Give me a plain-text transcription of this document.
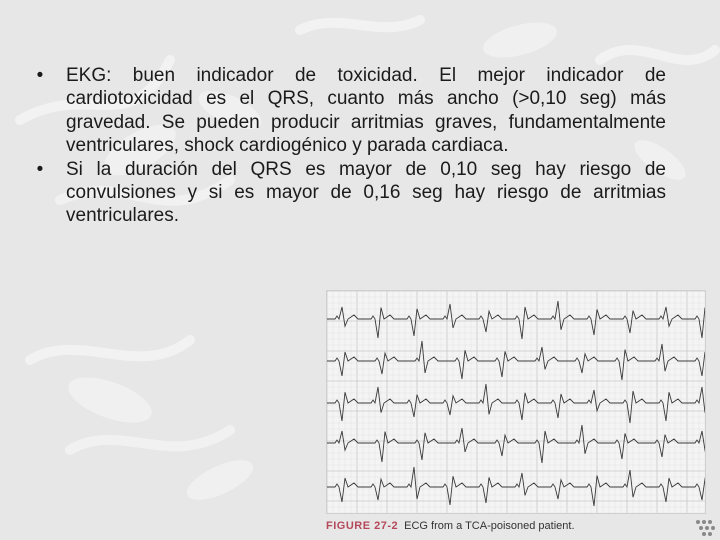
•	EKG: buen indicador de toxicidad. El mejor indicador de cardiotoxicidad es el QRS, cuanto más ancho (>0,10 seg) más gravedad. Se pueden producir arritmias graves, fundamentalmente ventriculares, shock cardiogénico y parada cardiaca.
•	Si la duración del QRS es mayor de 0,10 seg hay riesgo de convulsiones y si es mayor de 0,16 seg hay riesgo de arritmias ventriculares.
FIGURE 27-2 ECG from a TCA-poisoned patient.
